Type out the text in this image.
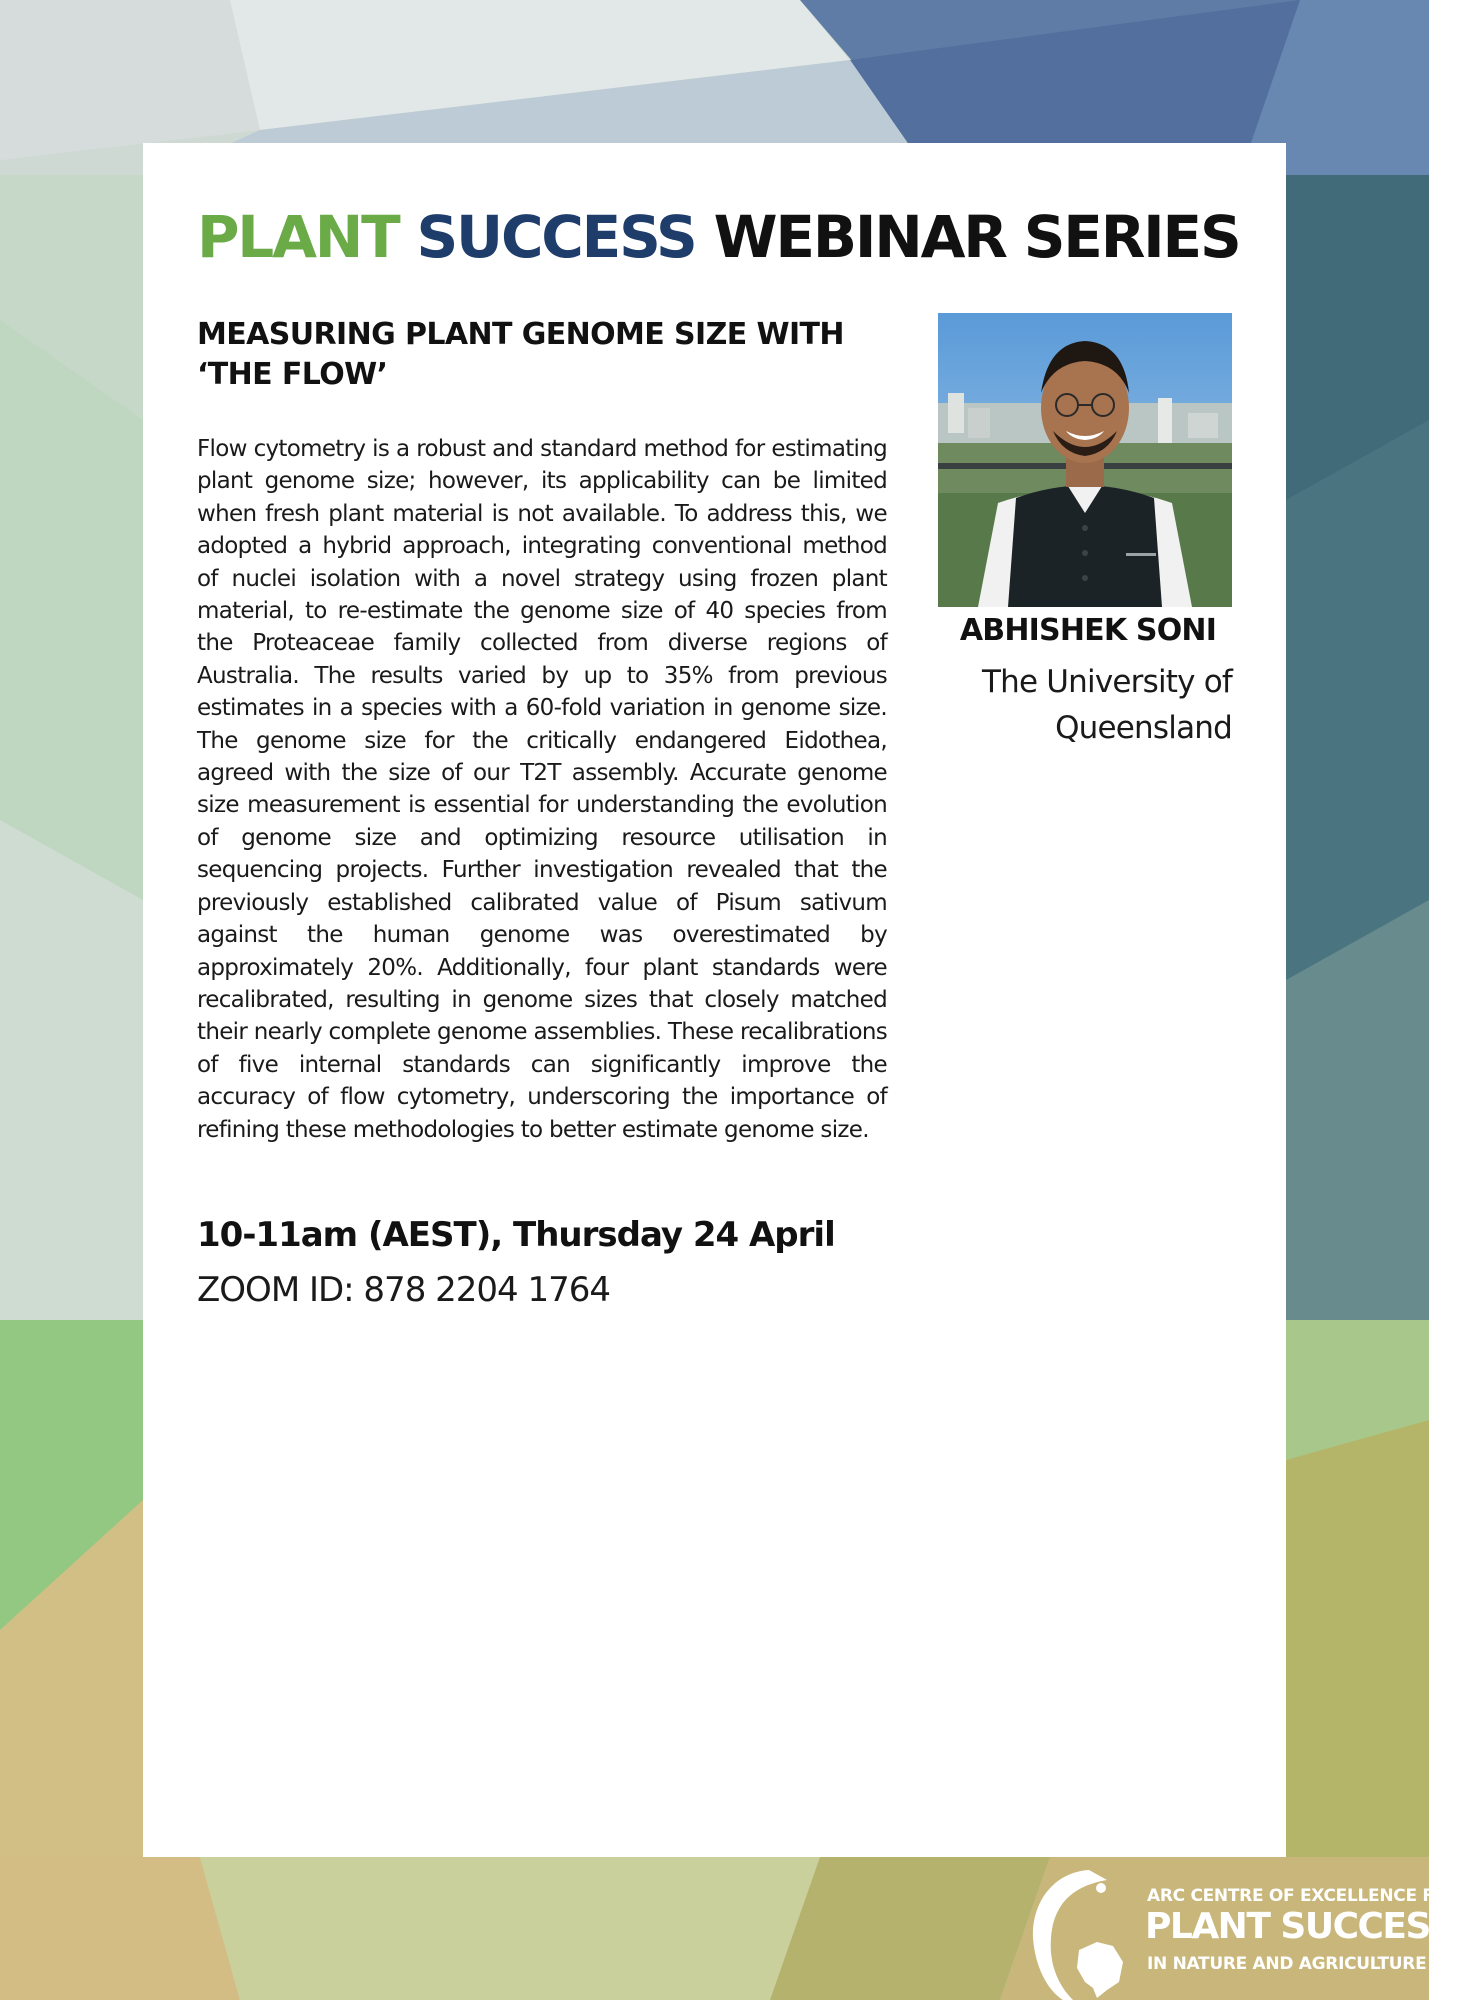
PLANT SUCCESS WEBINAR SERIES
MEASURING PLANT GENOME SIZE WITH ‘THE FLOW’

Flow cytometry is a robust and standard method for estimating plant genome size; however, its applicability can be limited when fresh plant material is not available. To address this, we adopted a hybrid approach, integrating conventional method of nuclei isolation with a novel strategy using frozen plant material, to re-estimate the genome size of 40 species from the Proteaceae family collected from diverse regions of Australia. The results varied by up to 35% from previous estimates in a species with a 60-fold variation in genome size. The genome size for the critically endangered Eidothea, agreed with the size of our T2T assembly. Accurate genome size measurement is essential for understanding the evolution of genome size and optimizing resource utilisation in sequencing projects. Further investigation revealed that the previously established calibrated value of Pisum sativum against the human genome was overestimated by approximately 20%. Additionally, four plant standards were recalibrated, resulting in genome sizes that closely matched their nearly complete genome assemblies. These recalibrations of five internal standards can significantly improve the accuracy of flow cytometry, underscoring the importance of refining these methodologies to better estimate genome size.

10-11am (AEST), Thursday 24 April

ZOOM ID: 878 2204 1764

ABHISHEK SONI

The University of Queensland

ARC CENTRE OF EXCELLENCE FOR
PLANT SUCCESS
IN NATURE AND AGRICULTURE
